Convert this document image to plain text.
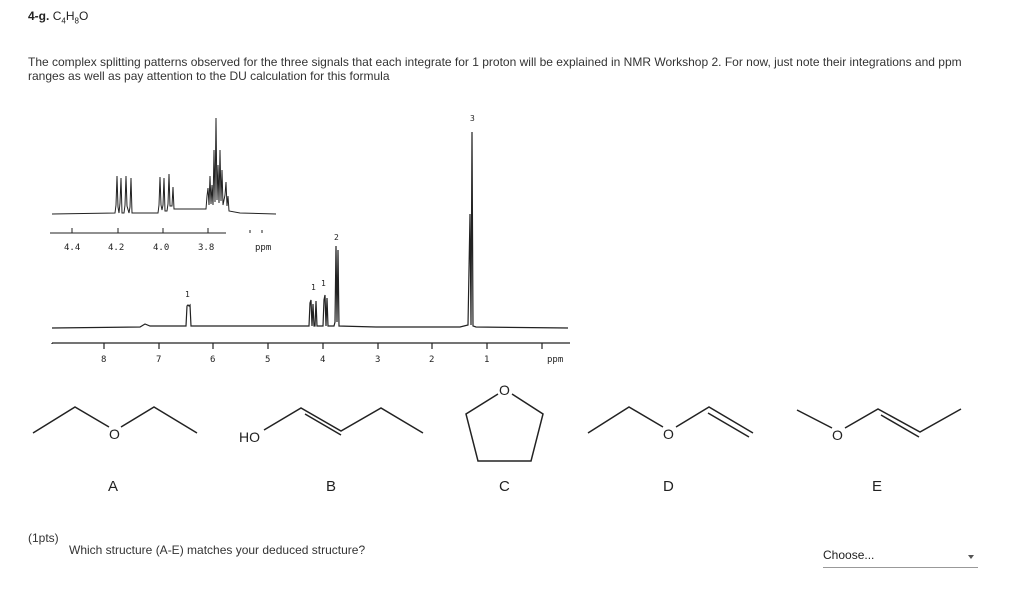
4-g. $C_4H_8O$
The complex splitting patterns observed for the three signals that each integrate for 1 proton will be explained in NMR Workshop 2. For now, just note their integrations and ppm ranges as well as pay attention to the DU calculation for this formula
4.4	4.2	4.0	3.8	ppm
8	7	6	5	4	3	2	1	ppm
1
1 1
2
3
O	HO
O
O	O
A	B	C	D	E
(1pts)
Which structure (A-E) matches your deduced structure?	Choose...
